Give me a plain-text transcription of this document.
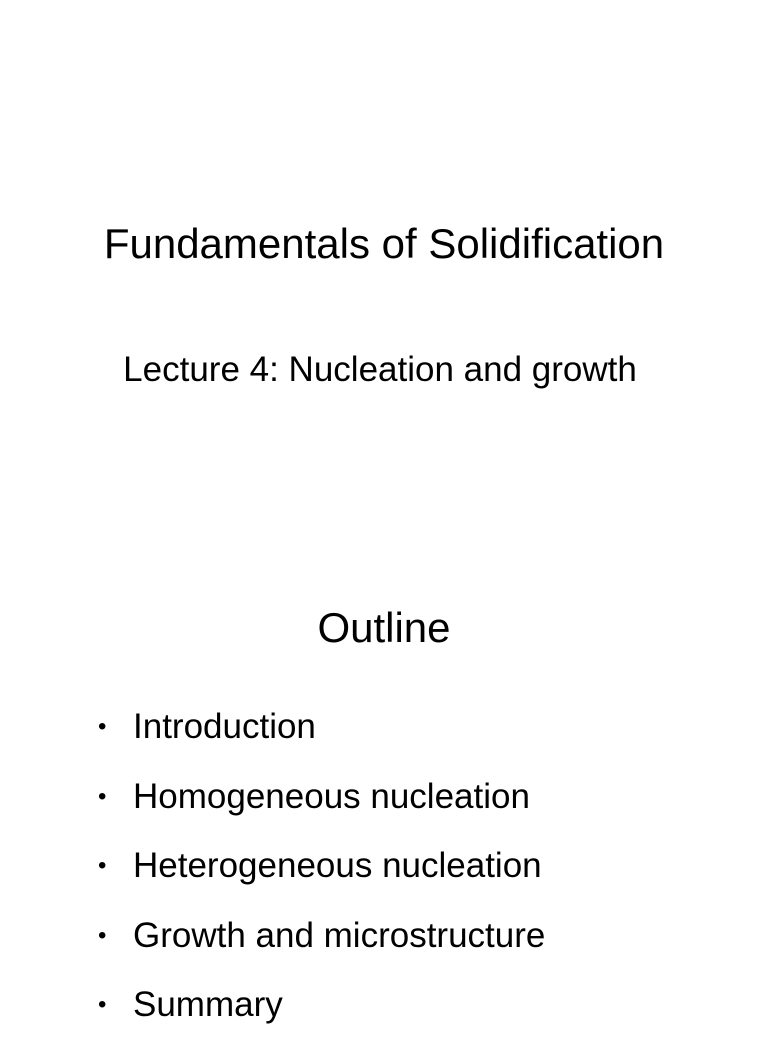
Fundamentals of Solidification
Lecture 4: Nucleation and growth
Outline
• Introduction
• Homogeneous nucleation
• Heterogeneous nucleation
• Growth and microstructure
• Summary
